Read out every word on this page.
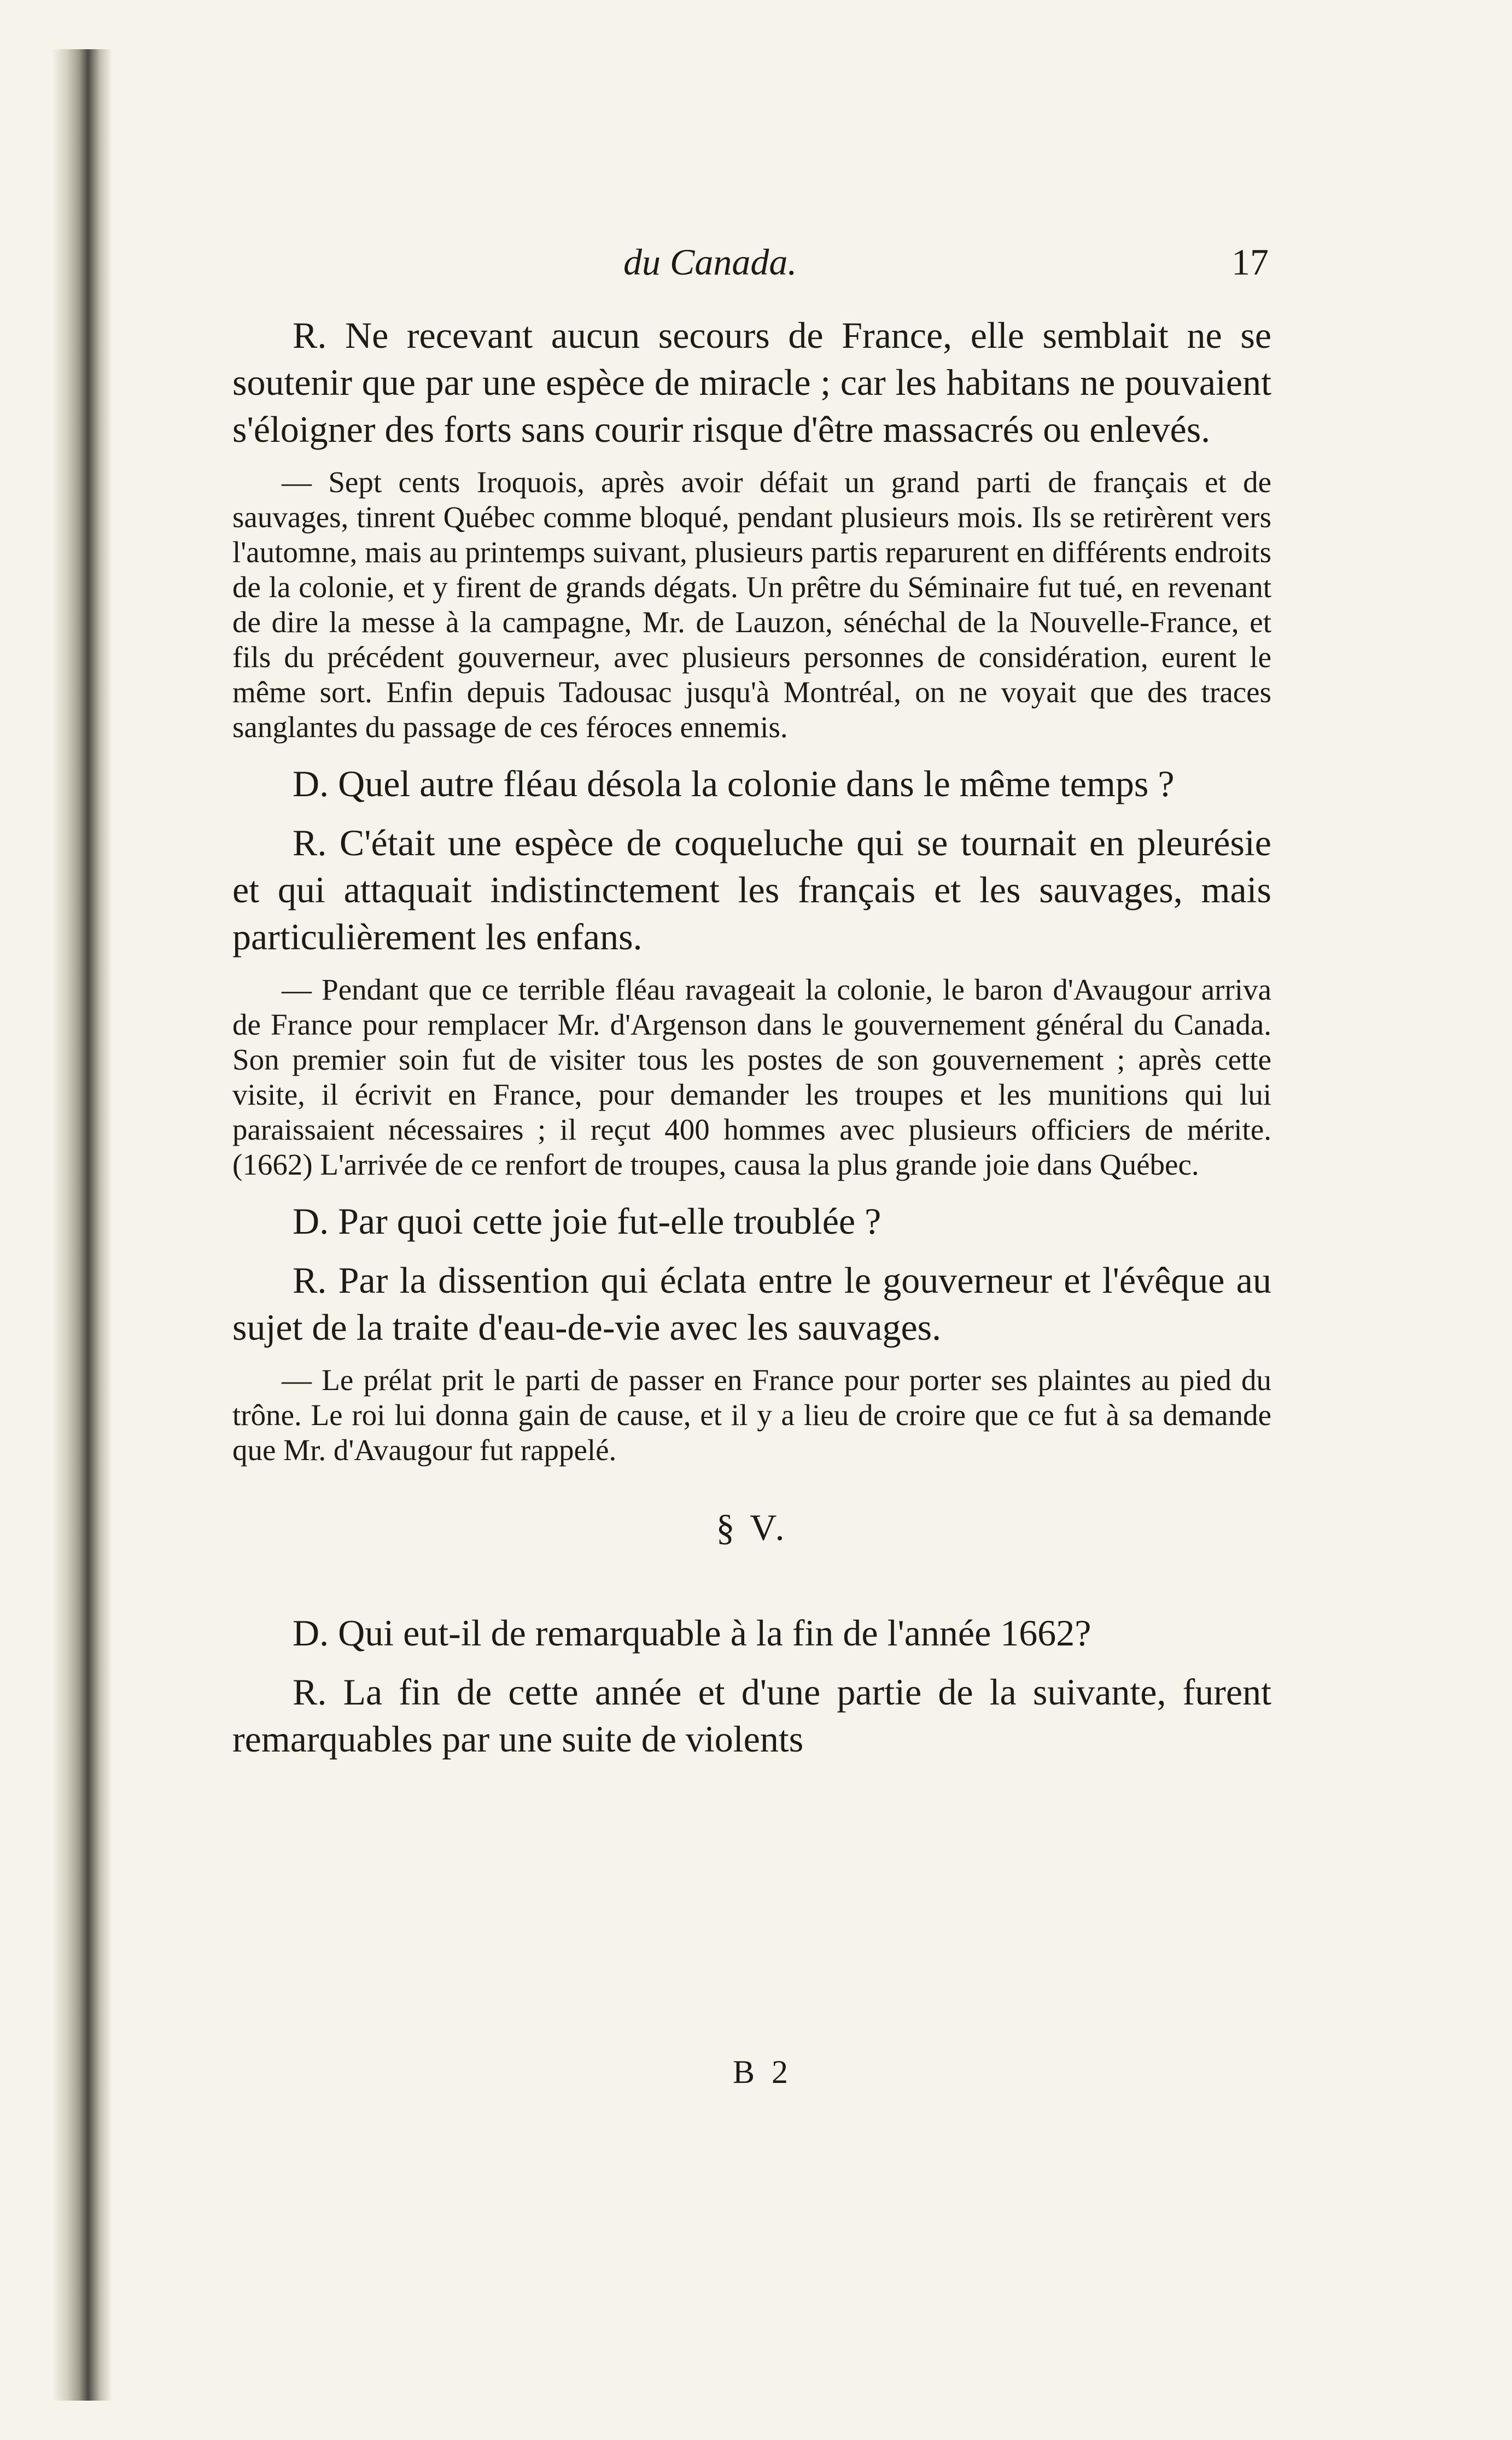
du Canada.	17

R. Ne recevant aucun secours de France, elle semblait ne se soutenir que par une espèce de miracle ; car les habitans ne pouvaient s'éloigner des forts sans courir risque d'être massacrés ou enlevés.

— Sept cents Iroquois, après avoir défait un grand parti de français et de sauvages, tinrent Québec comme bloqué, pendant plusieurs mois. Ils se retirèrent vers l'automne, mais au printemps suivant, plusieurs partis reparurent en différents endroits de la colonie, et y firent de grands dégats. Un prêtre du Séminaire fut tué, en revenant de dire la messe à la campagne, Mr. de Lauzon, sénéchal de la Nouvelle-France, et fils du précédent gouverneur, avec plusieurs personnes de considération, eurent le même sort. Enfin depuis Tadousac jusqu'à Montréal, on ne voyait que des traces sanglantes du passage de ces féroces ennemis.

D. Quel autre fléau désola la colonie dans le même temps ?

R. C'était une espèce de coqueluche qui se tournait en pleurésie et qui attaquait indistinctement les français et les sauvages, mais particulièrement les enfans.

— Pendant que ce terrible fléau ravageait la colonie, le baron d'Avaugour arriva de France pour remplacer Mr. d'Argenson dans le gouvernement général du Canada. Son premier soin fut de visiter tous les postes de son gouvernement ; après cette visite, il écrivit en France, pour demander les troupes et les munitions qui lui paraissaient nécessaires ; il reçut 400 hommes avec plusieurs officiers de mérite. (1662) L'arrivée de ce renfort de troupes, causa la plus grande joie dans Québec.

D. Par quoi cette joie fut-elle troublée ?

R. Par la dissention qui éclata entre le gouverneur et l'évêque au sujet de la traite d'eau-de-vie avec les sauvages.

— Le prélat prit le parti de passer en France pour porter ses plaintes au pied du trône. Le roi lui donna gain de cause, et il y a lieu de croire que ce fut à sa demande que Mr. d'Avaugour fut rappelé.

§ V.

D. Qui eut-il de remarquable à la fin de l'année 1662?

R. La fin de cette année et d'une partie de la suivante, furent remarquables par une suite de violents

B 2
